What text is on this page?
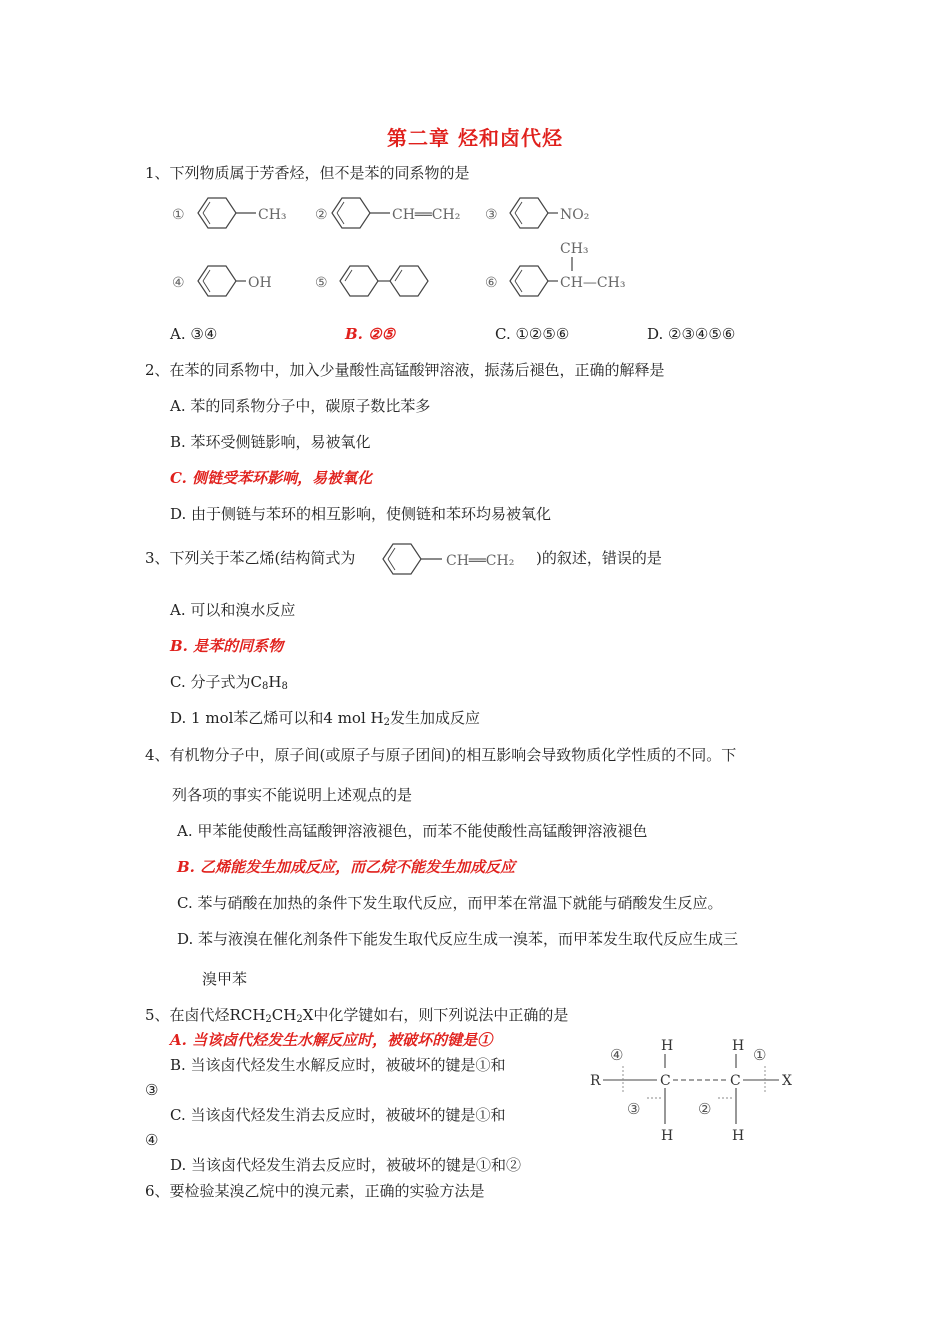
第二章 烃和卤代烃
1、下列物质属于芳香烃，但不是苯的同系物的是
①	CH₃ ②	CH══CH₂ ③	NO₂
④	OH	⑤	⑥
CH₃
CH—CH₃
A. ③④	B. ②⑤	C. ①②⑤⑥	D. ②③④⑤⑥
2、在苯的同系物中，加入少量酸性高锰酸钾溶液，振荡后褪色，正确的解释是
A. 苯的同系物分子中，碳原子数比苯多
B. 苯环受侧链影响，易被氧化
C. 侧链受苯环影响，易被氧化
D. 由于侧链与苯环的相互影响，使侧链和苯环均易被氧化
3、下列关于苯乙烯(结构简式为	CH══CH₂ )的叙述，错误的是
A. 可以和溴水反应
B. 是苯的同系物
C. 分子式为$C_8H_8$
D. 1 mol苯乙烯可以和4 mol $H_2$发生加成反应
4、有机物分子中，原子间(或原子与原子团间)的相互影响会导致物质化学性质的不同。下
列各项的事实不能说明上述观点的是
A. 甲苯能使酸性高锰酸钾溶液褪色，而苯不能使酸性高锰酸钾溶液褪色
B. 乙烯能发生加成反应，而乙烷不能发生加成反应
C. 苯与硝酸在加热的条件下发生取代反应，而甲苯在常温下就能与硝酸发生反应。
D. 苯与液溴在催化剂条件下能发生取代反应生成一溴苯，而甲苯发生取代反应生成三
溴甲苯
5、在卤代烃$RCH_2CH_2X$中化学键如右，则下列说法中正确的是
A. 当该卤代烃发生水解反应时，被破坏的键是①
B. 当该卤代烃发生水解反应时，被破坏的键是①和
③
C. 当该卤代烃发生消去反应时，被破坏的键是①和
④
D. 当该卤代烃发生消去反应时，被破坏的键是①和②
R	C	C	X
H	H
H	H
④	①
③	②
6、要检验某溴乙烷中的溴元素，正确的实验方法是
